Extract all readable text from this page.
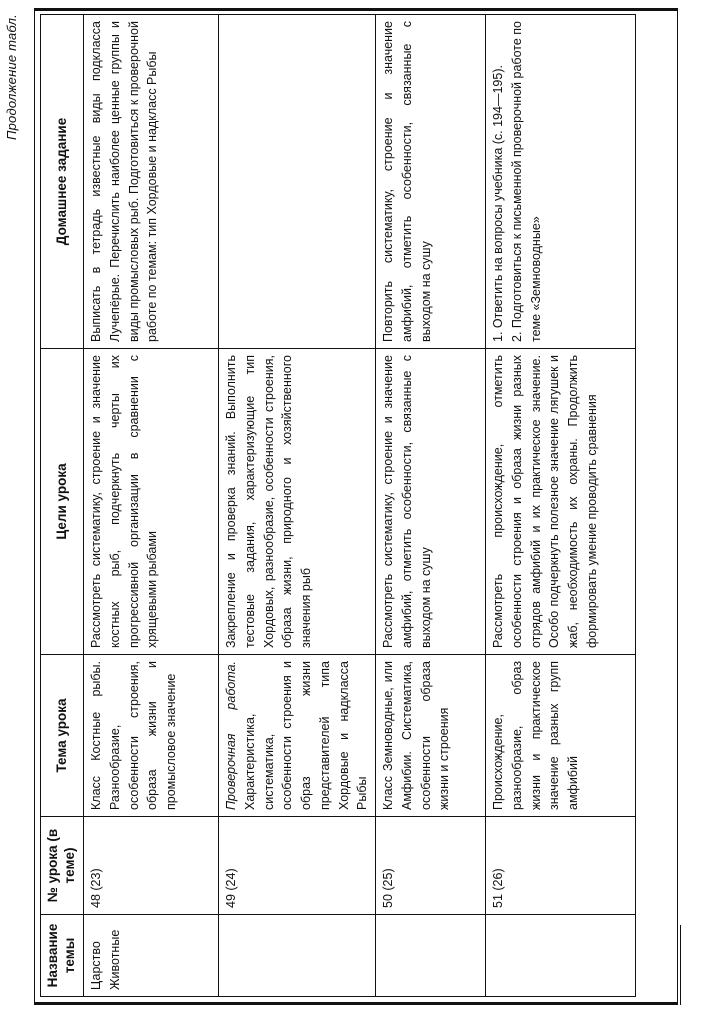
Продолжение табл.
Название темы	№ урока (в теме)	Тема урока	Цели урока	Домашнее задание
Царство Животные	48 (23)	Класс Костные рыбы. Разнообразие, особенности строения, образа жизни и промысловое значение	Рассмотреть систематику, строение и значение костных рыб, подчеркнуть черты их прогрессивной организации в сравнении с хрящевыми рыбами	Выписать в тетрадь известные виды подкласса Лучепёрые. Перечислить наиболее ценные группы и виды промысловых рыб. Подготовиться к проверочной работе по темам: тип Хордовые и надкласс Рыбы
	49 (24)	Проверочная работа. Характеристика, систематика, особенности строения и образ жизни представителей типа Хордовые и надкласса Рыбы	Закрепление и проверка знаний. Выполнить тестовые задания, характеризующие тип Хордовых, разнообразие, особенности строения, образа жизни, природного и хозяйственного значения рыб	
	50 (25)	Класс Земноводные, или Амфибии. Систематика, особенности образа жизни и строения	Рассмотреть систематику, строение и значение амфибий, отметить особенности, связанные с выходом на сушу	Повторить систематику, строение и значение амфибий, отметить особенности, связанные с выходом на сушу
	51 (26)	Происхождение, разнообразие, образ жизни и практическое значение разных групп амфибий	Рассмотреть происхождение, отметить особенности строения и образа жизни разных отрядов амфибий и их практическое значение. Особо подчеркнуть полезное значение лягушек и жаб, необходимость их охраны. Продолжить формировать умение проводить сравнения	1. Ответить на вопросы учебника (с. 194—195). 2. Подготовиться к письменной проверочной работе по теме «Земноводные»
